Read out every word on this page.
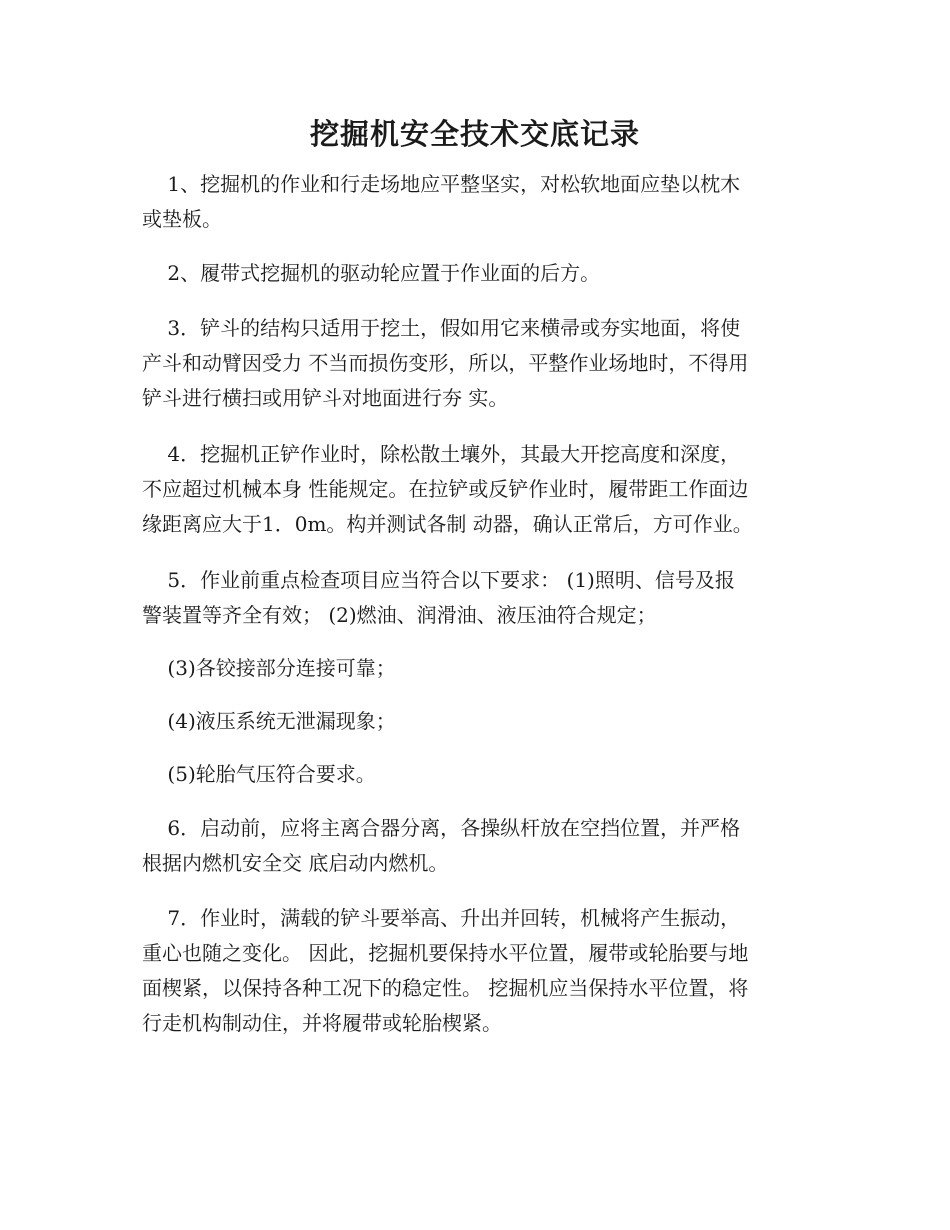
挖掘机安全技术交底记录

1、挖掘机的作业和行走场地应平整坚实，对松软地面应垫以枕木

或垫板。

2、履带式挖掘机的驱动轮应置于作业面的后方。

3．铲斗的结构只适用于挖土，假如用它来横帚或夯实地面，将使

产斗和动臂因受力 不当而损伤变形，所以，平整作业场地时，不得用

铲斗进行横扫或用铲斗对地面进行夯 实。

4．挖掘机正铲作业时，除松散土壤外，其最大开挖高度和深度，

不应超过机械本身 性能规定。在拉铲或反铲作业时，履带距工作面边

缘距离应大于1．0m。构并测试各制 动器，确认正常后，方可作业。

5．作业前重点检查项目应当符合以下要求： (1)照明、信号及报

警装置等齐全有效； (2)燃油、润滑油、液压油符合规定；

(3)各铰接部分连接可靠；

(4)液压系统无泄漏现象；

(5)轮胎气压符合要求。

6．启动前，应将主离合器分离，各操纵杆放在空挡位置，并严格

根据内燃机安全交 底启动内燃机。

7．作业时，满载的铲斗要举高、升出并回转，机械将产生振动，

重心也随之变化。 因此，挖掘机要保持水平位置，履带或轮胎要与地

面楔紧，以保持各种工况下的稳定性。 挖掘机应当保持水平位置，将

行走机构制动住，并将履带或轮胎楔紧。
